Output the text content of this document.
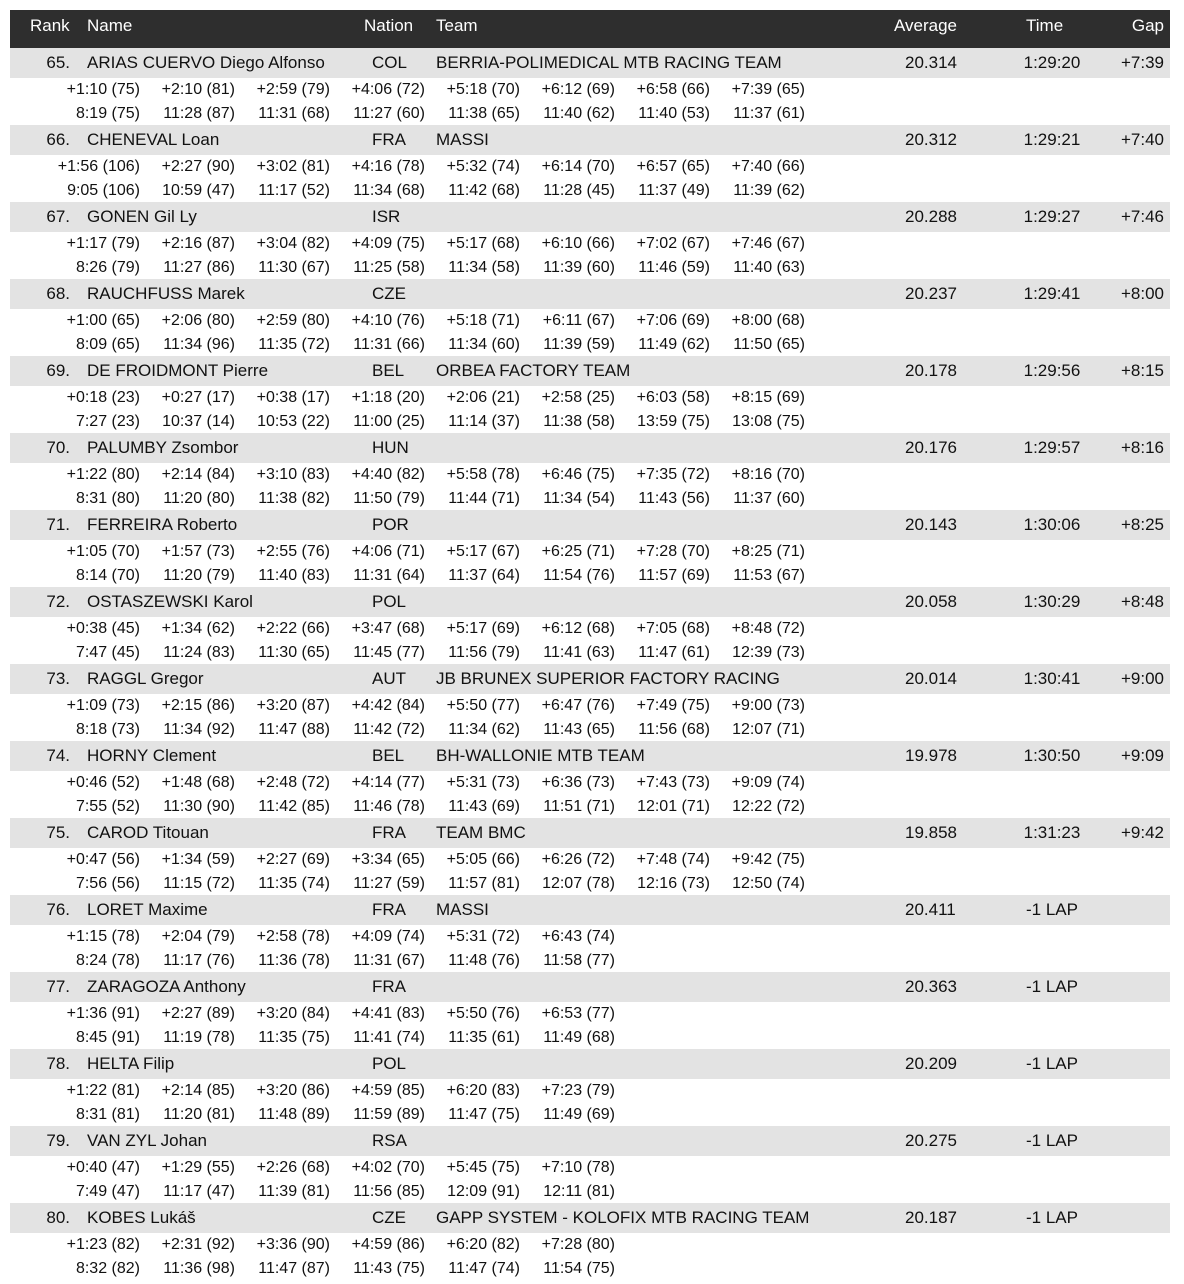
Rank Name	Nation Team	Average	Time	Gap
65. ARIAS CUERVO Diego Alfonso	COL BERRIA-POLIMEDICAL MTB RACING TEAM	20.314	1:29:20	+7:39
+1:10 (75)	+2:10 (81)	+2:59 (79)	+4:06 (72)	+5:18 (70)	+6:12 (69)	+6:58 (66)	+7:39 (65)
8:19 (75)	11:28 (87)	11:31 (68)	11:27 (60)	11:38 (65)	11:40 (62)	11:40 (53)	11:37 (61)
66. CHENEVAL Loan	FRA MASSI	20.312	1:29:21	+7:40
+1:56 (106)	+2:27 (90)	+3:02 (81)	+4:16 (78)	+5:32 (74)	+6:14 (70)	+6:57 (65)	+7:40 (66)
9:05 (106)	10:59 (47)	11:17 (52)	11:34 (68)	11:42 (68)	11:28 (45)	11:37 (49)	11:39 (62)
67. GONEN Gil Ly	ISR	20.288	1:29:27	+7:46
+1:17 (79)	+2:16 (87)	+3:04 (82)	+4:09 (75)	+5:17 (68)	+6:10 (66)	+7:02 (67)	+7:46 (67)
8:26 (79)	11:27 (86)	11:30 (67)	11:25 (58)	11:34 (58)	11:39 (60)	11:46 (59)	11:40 (63)
68. RAUCHFUSS Marek	CZE	20.237	1:29:41	+8:00
+1:00 (65)	+2:06 (80)	+2:59 (80)	+4:10 (76)	+5:18 (71)	+6:11 (67)	+7:06 (69)	+8:00 (68)
8:09 (65)	11:34 (96)	11:35 (72)	11:31 (66)	11:34 (60)	11:39 (59)	11:49 (62)	11:50 (65)
69. DE FROIDMONT Pierre	BEL ORBEA FACTORY TEAM	20.178	1:29:56	+8:15
+0:18 (23)	+0:27 (17)	+0:38 (17)	+1:18 (20)	+2:06 (21)	+2:58 (25)	+6:03 (58)	+8:15 (69)
7:27 (23)	10:37 (14)	10:53 (22)	11:00 (25)	11:14 (37)	11:38 (58)	13:59 (75)	13:08 (75)
70. PALUMBY Zsombor	HUN	20.176	1:29:57	+8:16
+1:22 (80)	+2:14 (84)	+3:10 (83)	+4:40 (82)	+5:58 (78)	+6:46 (75)	+7:35 (72)	+8:16 (70)
8:31 (80)	11:20 (80)	11:38 (82)	11:50 (79)	11:44 (71)	11:34 (54)	11:43 (56)	11:37 (60)
71. FERREIRA Roberto	POR	20.143	1:30:06	+8:25
+1:05 (70)	+1:57 (73)	+2:55 (76)	+4:06 (71)	+5:17 (67)	+6:25 (71)	+7:28 (70)	+8:25 (71)
8:14 (70)	11:20 (79)	11:40 (83)	11:31 (64)	11:37 (64)	11:54 (76)	11:57 (69)	11:53 (67)
72. OSTASZEWSKI Karol	POL	20.058	1:30:29	+8:48
+0:38 (45)	+1:34 (62)	+2:22 (66)	+3:47 (68)	+5:17 (69)	+6:12 (68)	+7:05 (68)	+8:48 (72)
7:47 (45)	11:24 (83)	11:30 (65)	11:45 (77)	11:56 (79)	11:41 (63)	11:47 (61)	12:39 (73)
73. RAGGL Gregor	AUT JB BRUNEX SUPERIOR FACTORY RACING	20.014	1:30:41	+9:00
+1:09 (73)	+2:15 (86)	+3:20 (87)	+4:42 (84)	+5:50 (77)	+6:47 (76)	+7:49 (75)	+9:00 (73)
8:18 (73)	11:34 (92)	11:47 (88)	11:42 (72)	11:34 (62)	11:43 (65)	11:56 (68)	12:07 (71)
74. HORNY Clement	BEL BH-WALLONIE MTB TEAM	19.978	1:30:50	+9:09
+0:46 (52)	+1:48 (68)	+2:48 (72)	+4:14 (77)	+5:31 (73)	+6:36 (73)	+7:43 (73)	+9:09 (74)
7:55 (52)	11:30 (90)	11:42 (85)	11:46 (78)	11:43 (69)	11:51 (71)	12:01 (71)	12:22 (72)
75. CAROD Titouan	FRA TEAM BMC	19.858	1:31:23	+9:42
+0:47 (56)	+1:34 (59)	+2:27 (69)	+3:34 (65)	+5:05 (66)	+6:26 (72)	+7:48 (74)	+9:42 (75)
7:56 (56)	11:15 (72)	11:35 (74)	11:27 (59)	11:57 (81)	12:07 (78)	12:16 (73)	12:50 (74)
76. LORET Maxime	FRA MASSI	20.411	-1 LAP
+1:15 (78)	+2:04 (79)	+2:58 (78)	+4:09 (74)	+5:31 (72)	+6:43 (74)
8:24 (78)	11:17 (76)	11:36 (78)	11:31 (67)	11:48 (76)	11:58 (77)
77. ZARAGOZA Anthony	FRA	20.363	-1 LAP
+1:36 (91)	+2:27 (89)	+3:20 (84)	+4:41 (83)	+5:50 (76)	+6:53 (77)
8:45 (91)	11:19 (78)	11:35 (75)	11:41 (74)	11:35 (61)	11:49 (68)
78. HELTA Filip	POL	20.209	-1 LAP
+1:22 (81)	+2:14 (85)	+3:20 (86)	+4:59 (85)	+6:20 (83)	+7:23 (79)
8:31 (81)	11:20 (81)	11:48 (89)	11:59 (89)	11:47 (75)	11:49 (69)
79. VAN ZYL Johan	RSA	20.275	-1 LAP
+0:40 (47)	+1:29 (55)	+2:26 (68)	+4:02 (70)	+5:45 (75)	+7:10 (78)
7:49 (47)	11:17 (47)	11:39 (81)	11:56 (85)	12:09 (91)	12:11 (81)
80. KOBES Lukáš	CZE GAPP SYSTEM - KOLOFIX MTB RACING TEAM	20.187	-1 LAP
+1:23 (82)	+2:31 (92)	+3:36 (90)	+4:59 (86)	+6:20 (82)	+7:28 (80)
8:32 (82)	11:36 (98)	11:47 (87)	11:43 (75)	11:47 (74)	11:54 (75)
